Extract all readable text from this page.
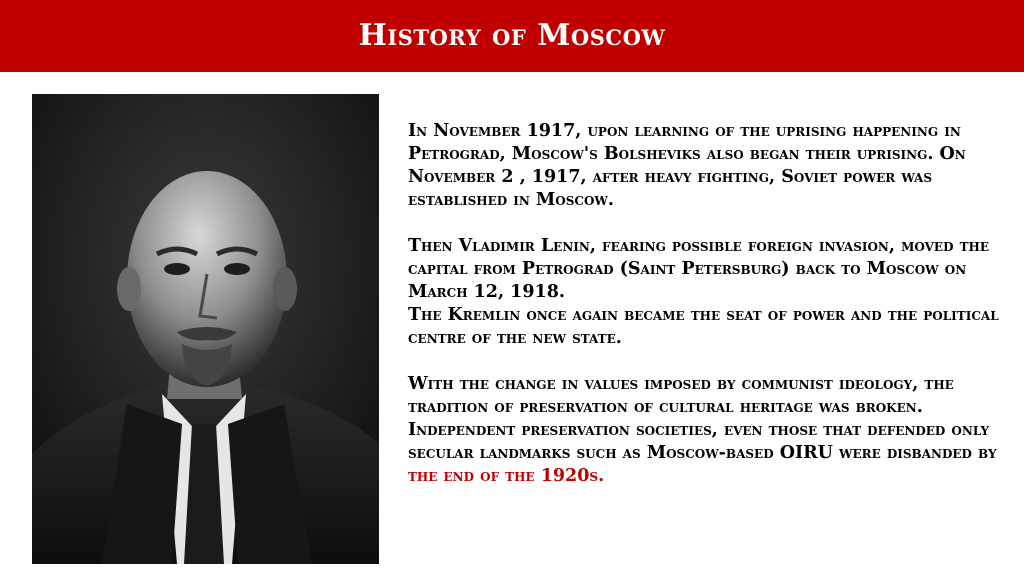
History of Moscow

In November 1917, upon learning of the uprising happening in Petrograd, Moscow's Bolsheviks also began their uprising. On November 2 , 1917, after heavy fighting, Soviet power was established in Moscow.

Then Vladimir Lenin, fearing possible foreign invasion, moved the capital from Petrograd (Saint Petersburg) back to Moscow on March 12, 1918.
The Kremlin once again became the seat of power and the political centre of the new state.

With the change in values imposed by communist ideology, the tradition of preservation of cultural heritage was broken. Independent preservation societies, even those that defended only secular landmarks such as Moscow-based OIRU were disbanded by the end of the 1920s.
